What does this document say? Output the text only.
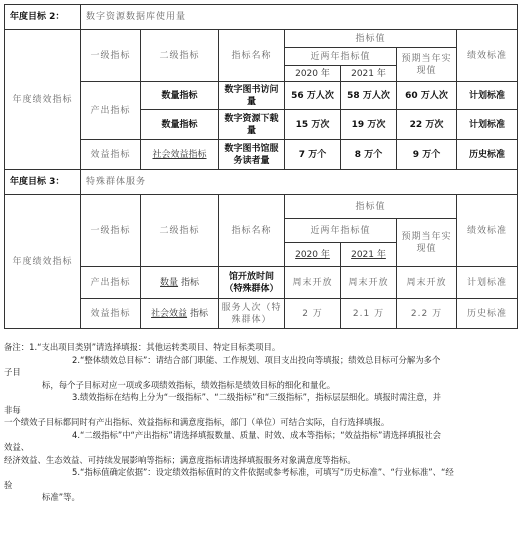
年度目标 2：	数字资源数据库使用量						
年度绩效指标	一级指标	二级指标	指标名称	指标值			绩效标准
				近两年指标值		预期当年实现值	
				2020 年	2021 年		
	产出指标	数量指标	数字图书访问量	56 万人次	58 万人次	60 万人次	计划标准
		数量指标	数字资源下载量	15 万次	19 万次	22 万次	计划标准
	效益指标	社会效益指标	数字图书馆服务读者量	7 万个	8 万个	9 万个	历史标准
年度目标 3：	特殊群体服务						
年度绩效指标	一级指标	二级指标	指标名称	指标值			绩效标准
				近两年指标值		预期当年实现值	
				2020 年	2021 年		
	产出指标	数量 指标	馆开放时间（特殊群体）	周末开放	周末开放	周末开放	计划标准
	效益指标	社会效益 指标	服务人次（特殊群体）	2 万	2.1 万	2.2 万	历史标准

备注：1.“支出项目类别”请选择填报：其他运转类项目、特定目标类项目。

2.“整体绩效总目标”：请结合部门职能、工作规划、项目支出投向等填报；绩效总目标可分解为多个

子目

标，每个子目标对应一项或多项绩效指标，绩效指标是绩效目标的细化和量化。

3.绩效指标在结构上分为“一级指标”、“二级指标”和“三级指标”，指标层层细化。填报时需注意，并

非每

一个绩效子目标都同时有产出指标、效益指标和满意度指标，部门（单位）可结合实际，自行选择填报。

4.“二级指标”中“产出指标”请选择填报数量、质量、时效、成本等指标；“效益指标”请选择填报社会

效益、

经济效益、生态效益、可持续发展影响等指标；满意度指标请选择填报服务对象满意度等指标。

5.“指标值确定依据”：设定绩效指标值时的文件依据或参考标准，可填写“历史标准”、“行业标准”、“经

验

标准”等。
